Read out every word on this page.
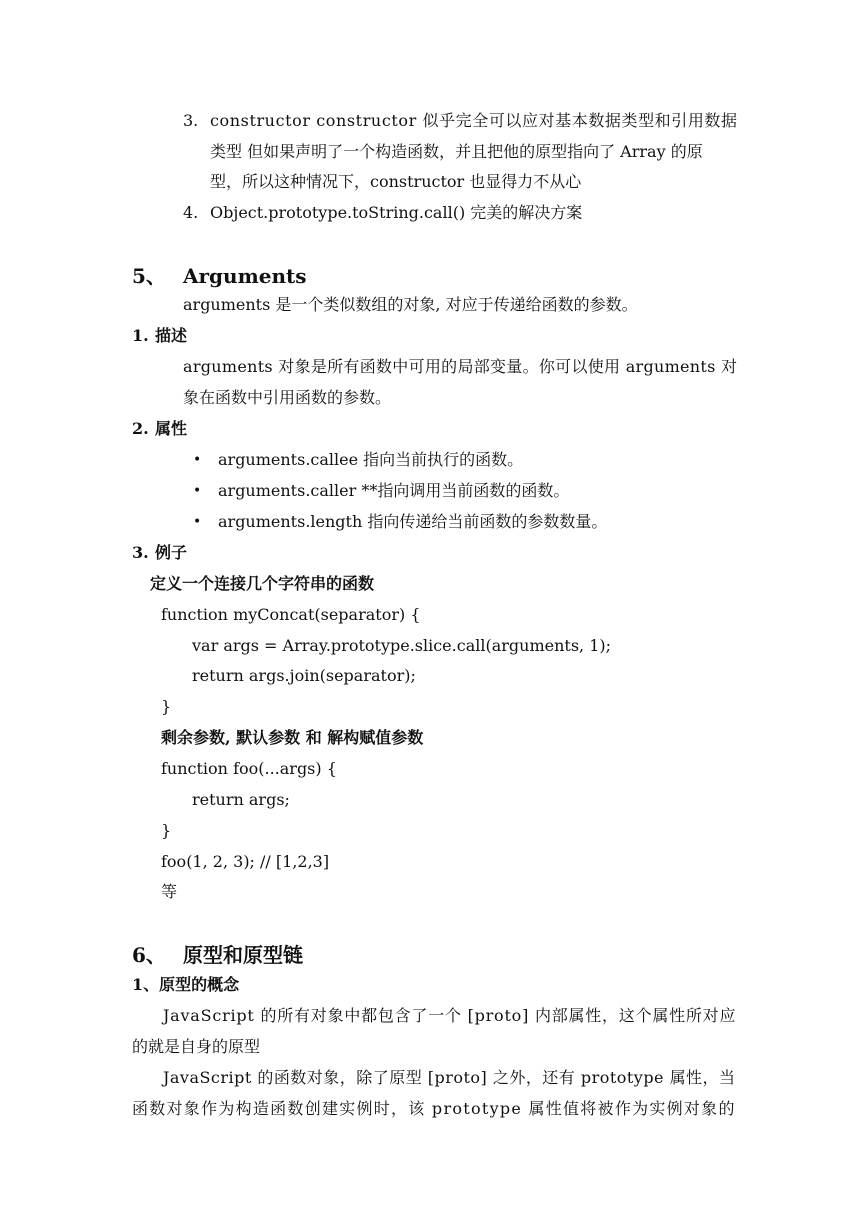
3. constructor constructor 似乎完全可以应对基本数据类型和引用数据
类型 但如果声明了一个构造函数，并且把他的原型指向了 Array 的原
型，所以这种情况下，constructor 也显得力不从心
4. Object.prototype.toString.call() 完美的解决方案
5、 Arguments
arguments 是一个类似数组的对象, 对应于传递给函数的参数。
1. 描述
arguments 对象是所有函数中可用的局部变量。你可以使用 arguments 对
象在函数中引用函数的参数。
2. 属性
• arguments.callee 指向当前执行的函数。
• arguments.caller **指向调用当前函数的函数。
• arguments.length 指向传递给当前函数的参数数量。
3. 例子
定义一个连接几个字符串的函数
function myConcat(separator) {
var args = Array.prototype.slice.call(arguments, 1);
return args.join(separator);
}
剩余参数, 默认参数 和 解构赋值参数
function foo(...args) {
return args;
}
foo(1, 2, 3); // [1,2,3]
等
6、 原型和原型链
1、原型的概念
JavaScript 的所有对象中都包含了一个 [proto] 内部属性，这个属性所对应
的就是自身的原型
JavaScript 的函数对象，除了原型 [proto] 之外，还有 prototype 属性，当
函数对象作为构造函数创建实例时，该 prototype 属性值将被作为实例对象的
